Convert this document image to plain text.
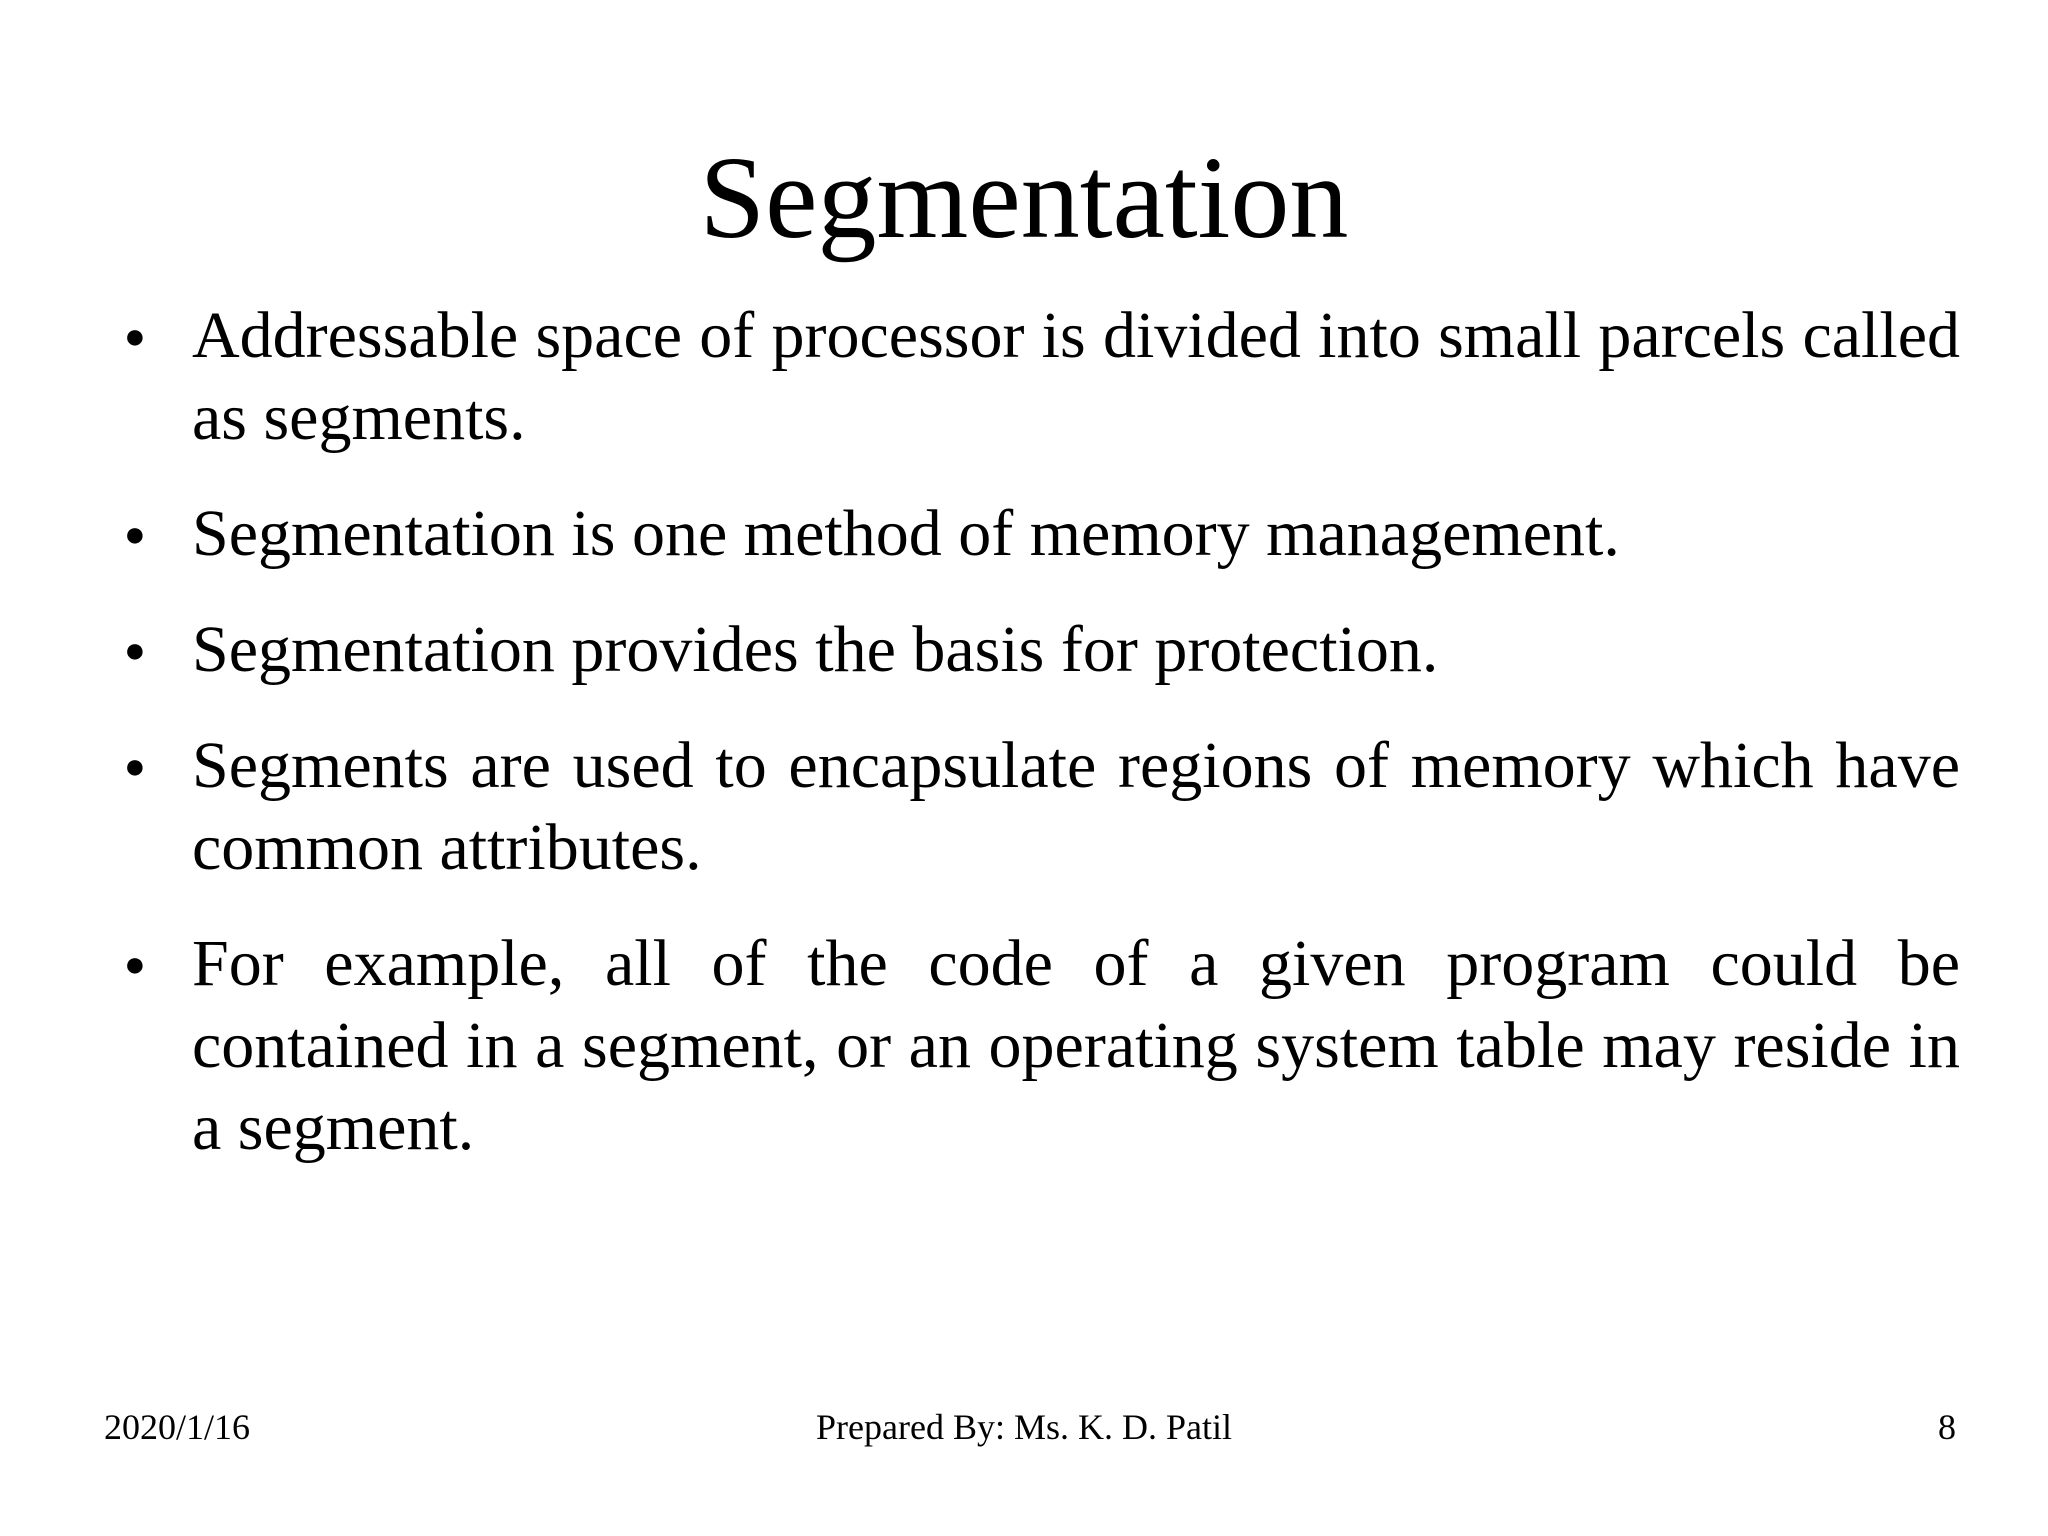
Segmentation
● Addressable space of processor is divided into small parcels called as segments.
● Segmentation is one method of memory management.
● Segmentation provides the basis for protection.
● Segments are used to encapsulate regions of memory which have common attributes.
● For example, all of the code of a given program could be contained in a segment, or an operating system table may reside in a segment.
2020/1/16	Prepared By: Ms. K. D. Patil	8
